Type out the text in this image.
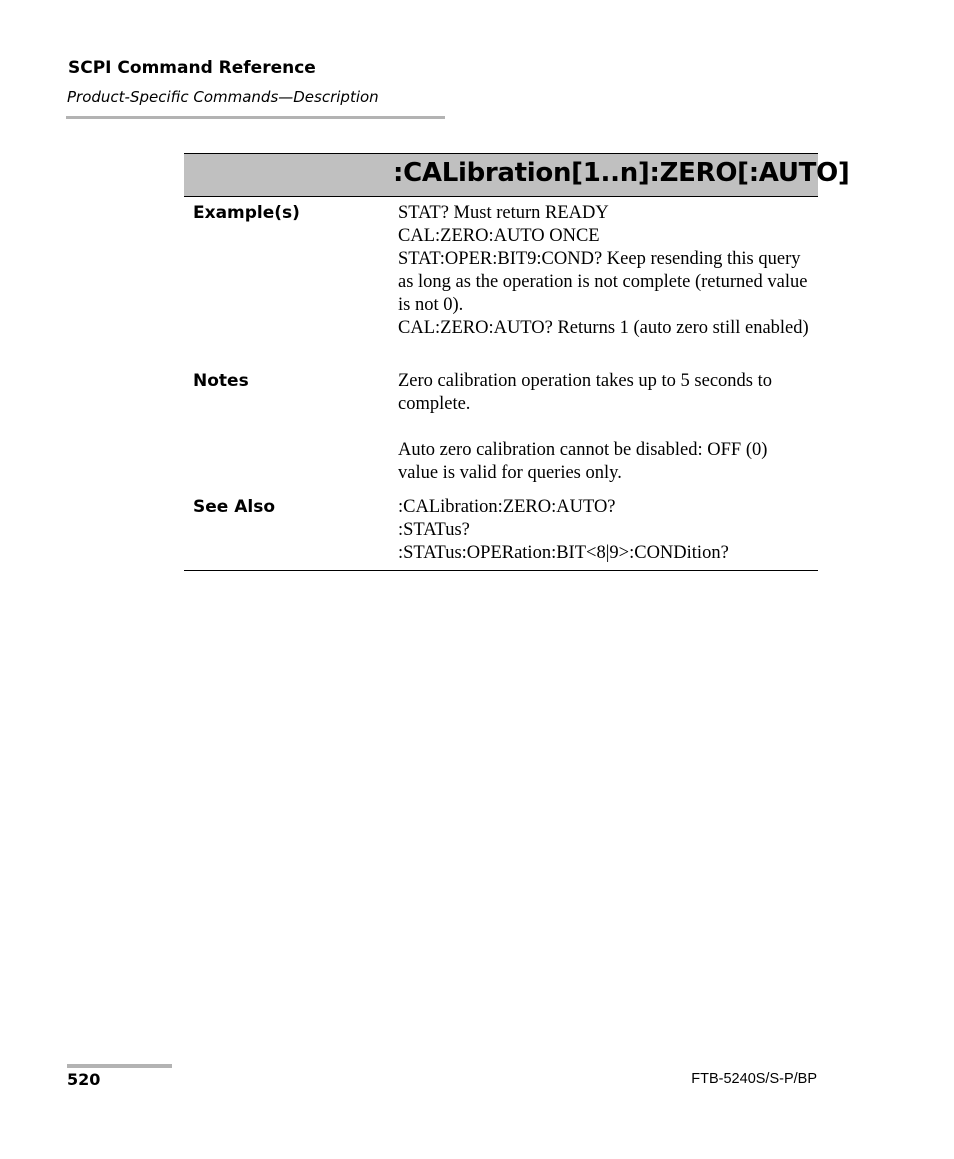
SCPI Command Reference
Product-Specific Commands—Description
:CALibration[1..n]:ZERO[:AUTO]
Example(s)	STAT? Must return READY
CAL:ZERO:AUTO ONCE
STAT:OPER:BIT9:COND? Keep resending this query as long as the operation is not complete (returned value is not 0).
CAL:ZERO:AUTO? Returns 1 (auto zero still enabled)
Notes	Zero calibration operation takes up to 5 seconds to complete.
Auto zero calibration cannot be disabled: OFF (0) value is valid for queries only.
See Also	:CALibration:ZERO:AUTO?
:STATus?
:STATus:OPERation:BIT<8|9>:CONDition?
520	FTB-5240S/S-P/BP
